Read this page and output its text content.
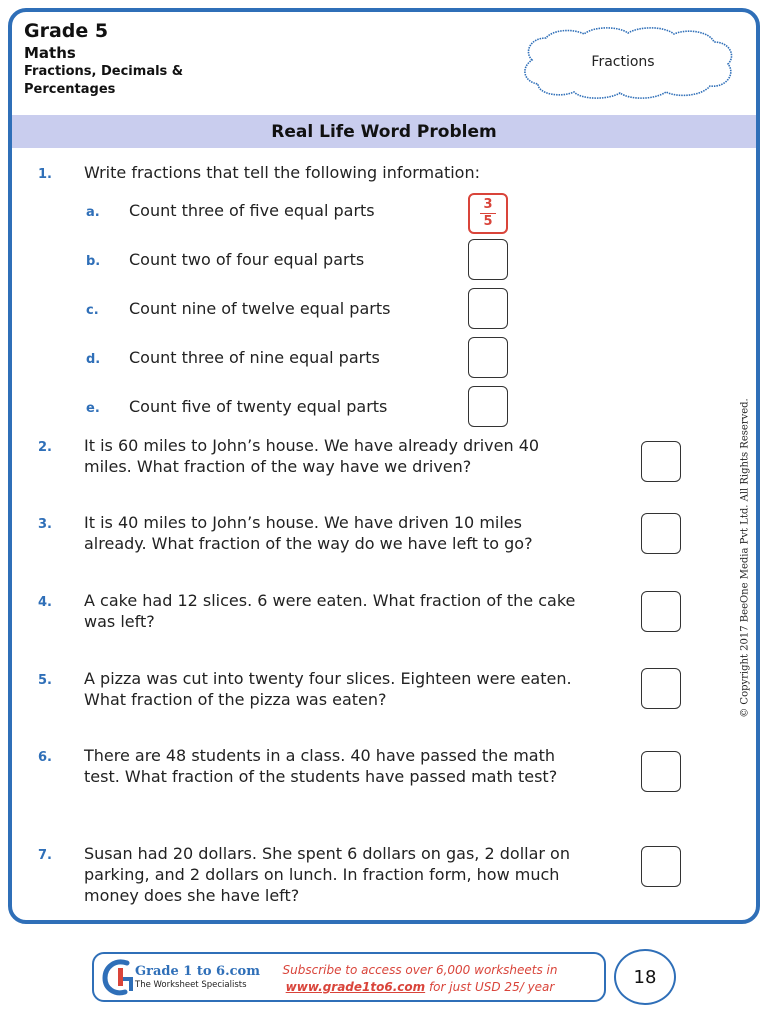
Grade 5
Maths
Fractions, Decimals & Percentages
Fractions
Real Life Word Problem
1. Write fractions that tell the following information:
a. Count three of five equal parts	3
5
b. Count two of four equal parts
c. Count nine of twelve equal parts
d. Count three of nine equal parts
e. Count five of twenty equal parts
2. It is 60 miles to John’s house. We have already driven 40 miles. What fraction of the way have we driven?
3. It is 40 miles to John’s house. We have driven 10 miles already. What fraction of the way do we have left to go?
4. A cake had 12 slices. 6 were eaten. What fraction of the cake was left?
5. A pizza was cut into twenty four slices. Eighteen were eaten. What fraction of the pizza was eaten?
6. There are 48 students in a class. 40 have passed the math test. What fraction of the students have passed math test?
7. Susan had 20 dollars. She spent 6 dollars on gas, 2 dollar on parking, and 2 dollars on lunch. In fraction form, how much money does she have left?
© Copyright 2017 BeeOne Media Pvt Ltd. All Rights Reserved.
Grade 1 to 6.com
The Worksheet Specialists
Subscribe to access over 6,000 worksheets in
www.grade1to6.com for just USD 25/ year	18
